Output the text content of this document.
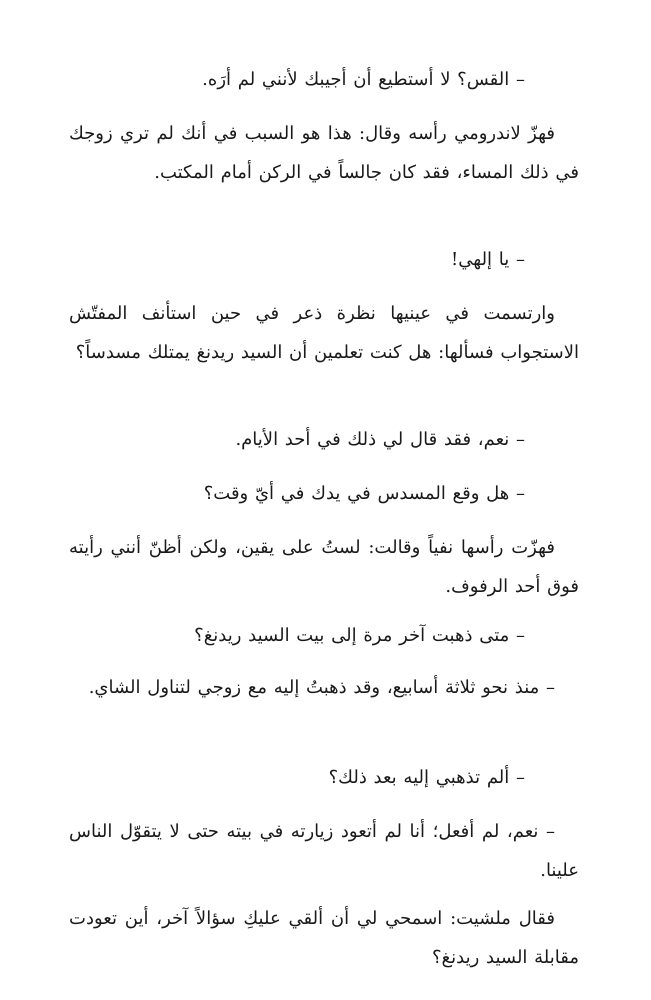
– القس؟ لا أستطيع أن أجيبك لأنني لم أرَه.

فهزّ لاندرومي رأسه وقال: هذا هو السبب في أنك لم تري زوجك في ذلك المساء، فقد كان جالساً في الركن أمام المكتب.

– يا إلهي!

وارتسمت في عينيها نظرة ذعر في حين استأنف المفتّش الاستجواب فسألها: هل كنت تعلمين أن السيد ريدنغ يمتلك مسدساً؟

– نعم، فقد قال لي ذلك في أحد الأيام.

– هل وقع المسدس في يدك في أيّ وقت؟

فهزّت رأسها نفياً وقالت: لستُ على يقين، ولكن أظنّ أنني رأيته فوق أحد الرفوف.

– متى ذهبت آخر مرة إلى بيت السيد ريدنغ؟

– منذ نحو ثلاثة أسابيع، وقد ذهبتُ إليه مع زوجي لتناول الشاي.

– ألم تذهبي إليه بعد ذلك؟

– نعم، لم أفعل؛ أنا لم أتعود زيارته في بيته حتى لا يتقوّل الناس علينا.

فقال ملشيت: اسمحي لي أن ألقي عليكِ سؤالاً آخر، أين تعودت مقابلة السيد ريدنغ؟
